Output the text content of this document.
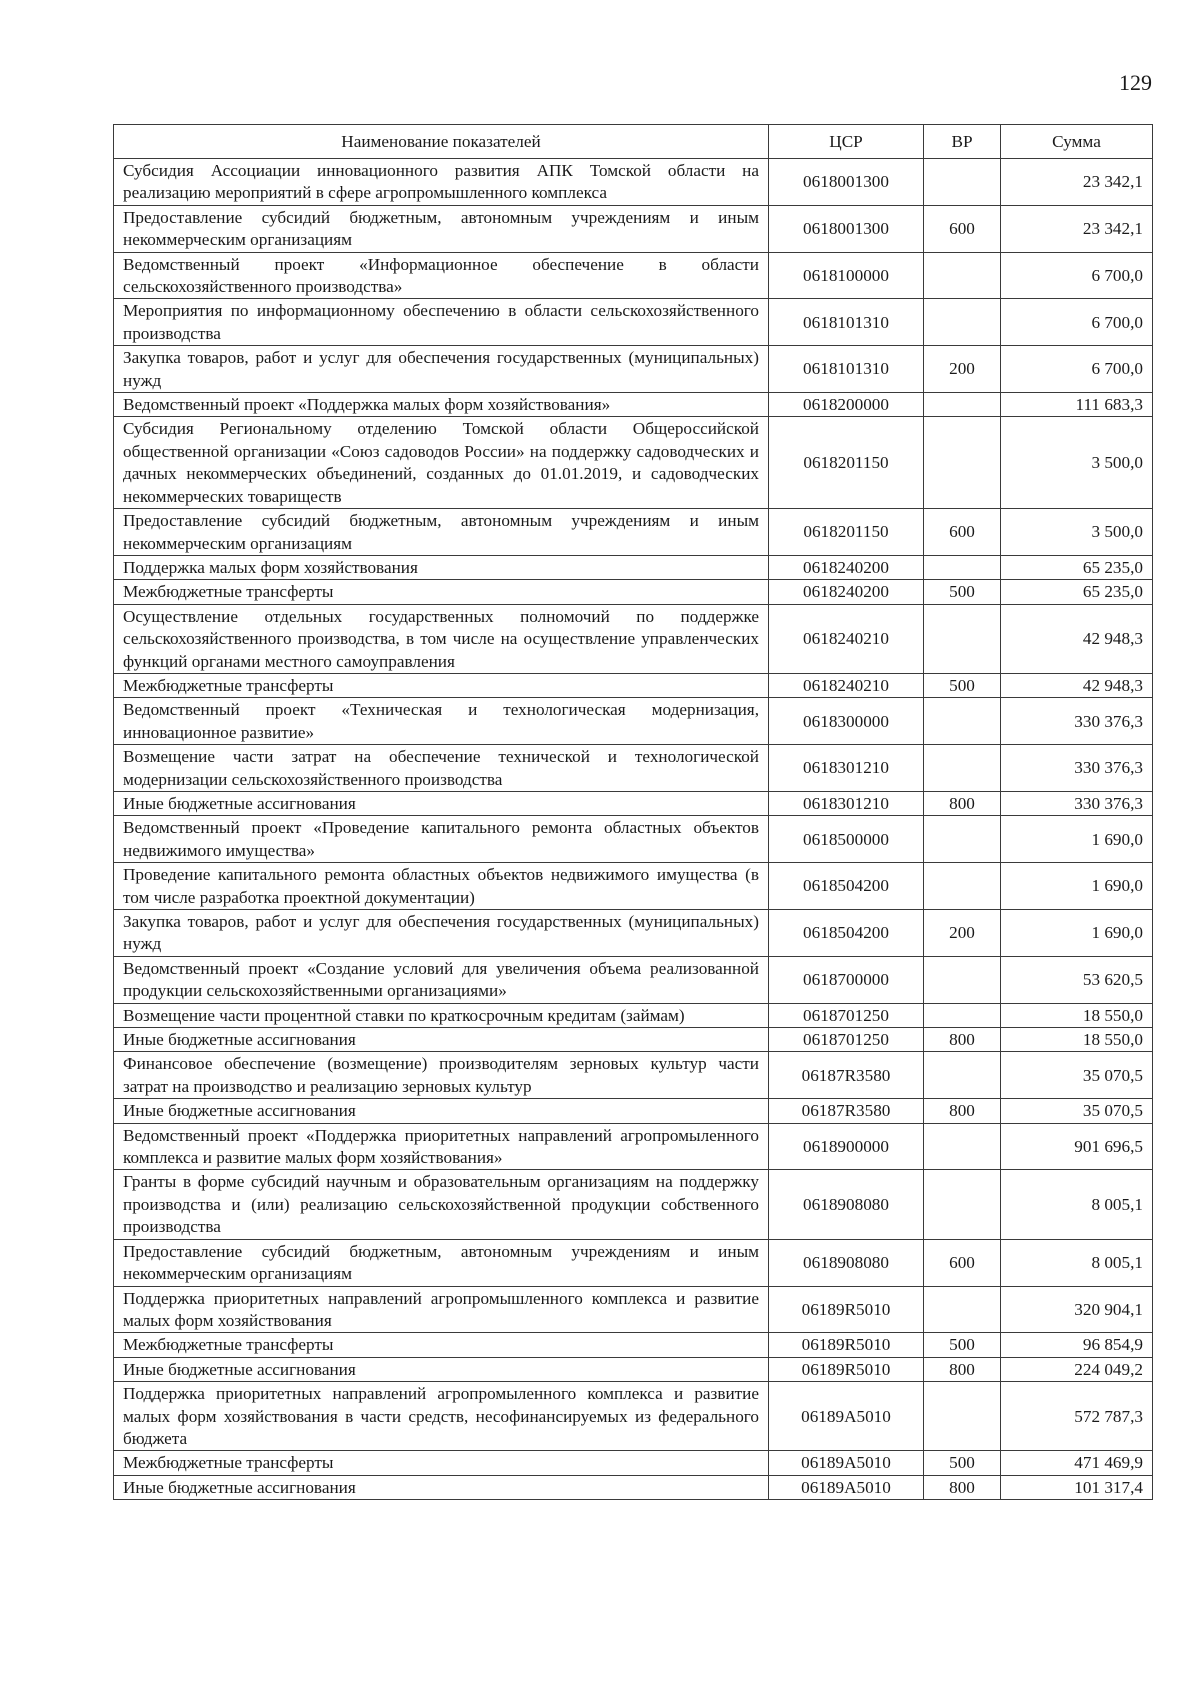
129
Наименование показателей	ЦСР	ВР	Сумма
Субсидия Ассоциации инновационного развития АПК Томской области на реализацию мероприятий в сфере агропромышленного комплекса	0618001300		23 342,1
Предоставление субсидий бюджетным, автономным учреждениям и иным некоммерческим организациям	0618001300	600	23 342,1
Ведомственный проект «Информационное обеспечение в области сельскохозяйственного производства»	0618100000		6 700,0
Мероприятия по информационному обеспечению в области сельскохозяйственного производства	0618101310		6 700,0
Закупка товаров, работ и услуг для обеспечения государственных (муниципальных) нужд	0618101310	200	6 700,0
Ведомственный проект «Поддержка малых форм хозяйствования»	0618200000		111 683,3
Субсидия Региональному отделению Томской области Общероссийской общественной организации «Союз садоводов России» на поддержку садоводческих и дачных некоммерческих объединений, созданных до 01.01.2019, и садоводческих некоммерческих товариществ	0618201150		3 500,0
Предоставление субсидий бюджетным, автономным учреждениям и иным некоммерческим организациям	0618201150	600	3 500,0
Поддержка малых форм хозяйствования	0618240200		65 235,0
Межбюджетные трансферты	0618240200	500	65 235,0
Осуществление отдельных государственных полномочий по поддержке сельскохозяйственного производства, в том числе на осуществление управленческих функций органами местного самоуправления	0618240210		42 948,3
Межбюджетные трансферты	0618240210	500	42 948,3
Ведомственный проект «Техническая и технологическая модернизация, инновационное развитие»	0618300000		330 376,3
Возмещение части затрат на обеспечение технической и технологической модернизации сельскохозяйственного производства	0618301210		330 376,3
Иные бюджетные ассигнования	0618301210	800	330 376,3
Ведомственный проект «Проведение капитального ремонта областных объектов недвижимого имущества»	0618500000		1 690,0
Проведение капитального ремонта областных объектов недвижимого имущества (в том числе разработка проектной документации)	0618504200		1 690,0
Закупка товаров, работ и услуг для обеспечения государственных (муниципальных) нужд	0618504200	200	1 690,0
Ведомственный проект «Создание условий для увеличения объема реализованной продукции сельскохозяйственными организациями»	0618700000		53 620,5
Возмещение части процентной ставки по краткосрочным кредитам (займам)	0618701250		18 550,0
Иные бюджетные ассигнования	0618701250	800	18 550,0
Финансовое обеспечение (возмещение) производителям зерновых культур части затрат на производство и реализацию зерновых культур	06187R3580		35 070,5
Иные бюджетные ассигнования	06187R3580	800	35 070,5
Ведомственный проект «Поддержка приоритетных направлений агропромыленного комплекса и развитие малых форм хозяйствования»	0618900000		901 696,5
Гранты в форме субсидий научным и образовательным организациям на поддержку производства и (или) реализацию сельскохозяйственной продукции собственного производства	0618908080		8 005,1
Предоставление субсидий бюджетным, автономным учреждениям и иным некоммерческим организациям	0618908080	600	8 005,1
Поддержка приоритетных направлений агропромышленного комплекса и развитие малых форм хозяйствования	06189R5010		320 904,1
Межбюджетные трансферты	06189R5010	500	96 854,9
Иные бюджетные ассигнования	06189R5010	800	224 049,2
Поддержка приоритетных направлений агропромыленного комплекса и развитие малых форм хозяйствования в части средств, несофинансируемых из федерального бюджета	06189A5010		572 787,3
Межбюджетные трансферты	06189A5010	500	471 469,9
Иные бюджетные ассигнования	06189A5010	800	101 317,4
